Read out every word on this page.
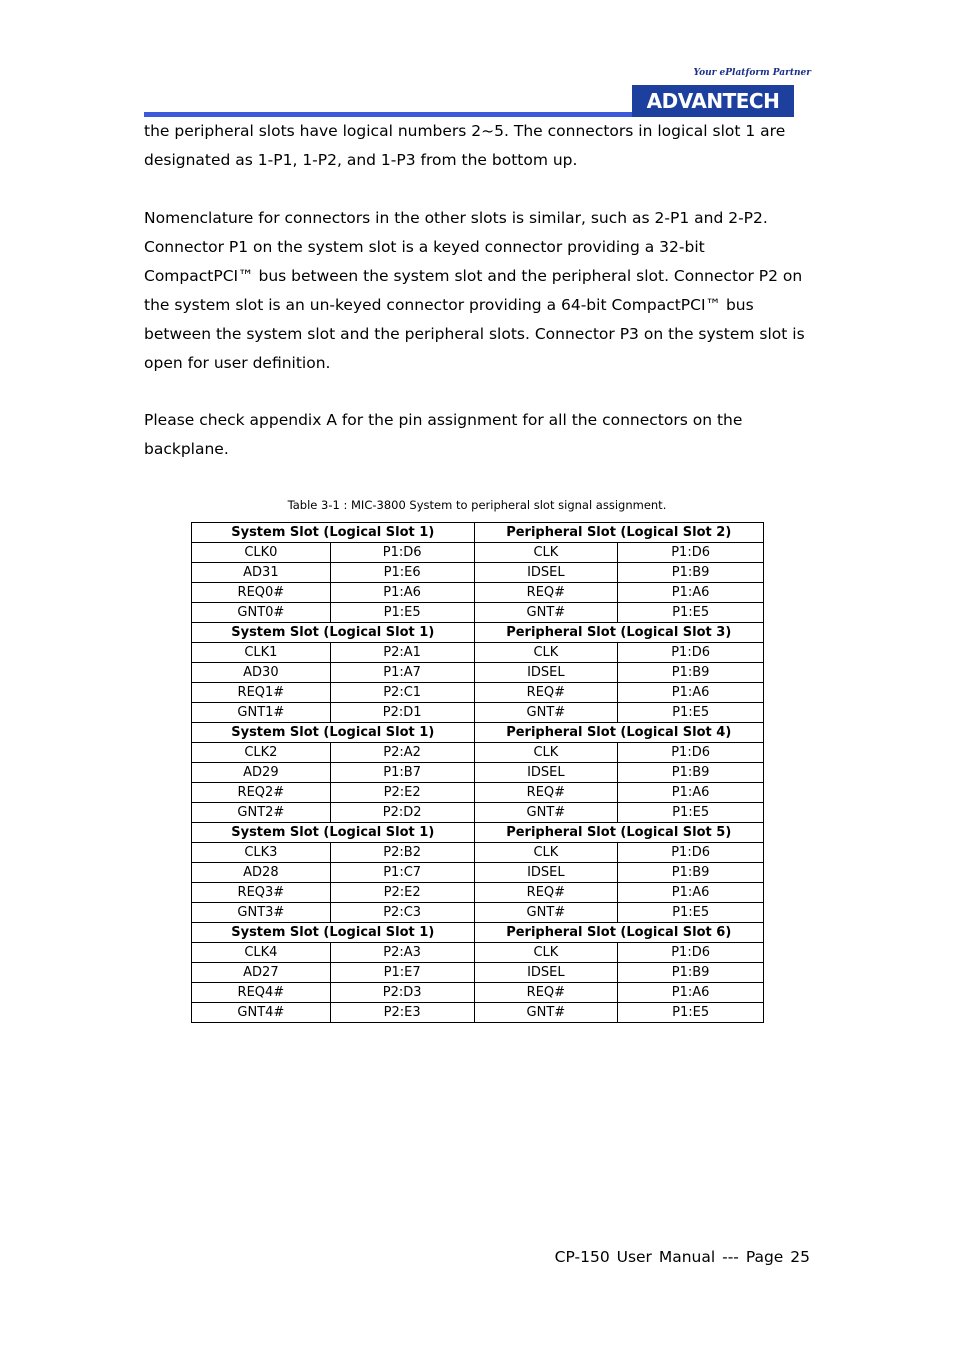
Your ePlatform Partner
ADVANTECH

the peripheral slots have logical numbers 2~5. The connectors in logical slot 1 are designated as 1-P1, 1-P2, and 1-P3 from the bottom up.

Nomenclature for connectors in the other slots is similar, such as 2-P1 and 2-P2. Connector P1 on the system slot is a keyed connector providing a 32-bit CompactPCI™ bus between the system slot and the peripheral slot. Connector P2 on the system slot is an un-keyed connector providing a 64-bit CompactPCI™ bus between the system slot and the peripheral slots. Connector P3 on the system slot is open for user definition.

Please check appendix A for the pin assignment for all the connectors on the backplane.

Table 3-1 : MIC-3800 System to peripheral slot signal assignment.
System Slot (Logical Slot 1)		Peripheral Slot (Logical Slot 2)	
CLK0	P1:D6	CLK	P1:D6
AD31	P1:E6	IDSEL	P1:B9
REQ0#	P1:A6	REQ#	P1:A6
GNT0#	P1:E5	GNT#	P1:E5
System Slot (Logical Slot 1)		Peripheral Slot (Logical Slot 3)	
CLK1	P2:A1	CLK	P1:D6
AD30	P1:A7	IDSEL	P1:B9
REQ1#	P2:C1	REQ#	P1:A6
GNT1#	P2:D1	GNT#	P1:E5
System Slot (Logical Slot 1)		Peripheral Slot (Logical Slot 4)	
CLK2	P2:A2	CLK	P1:D6
AD29	P1:B7	IDSEL	P1:B9
REQ2#	P2:E2	REQ#	P1:A6
GNT2#	P2:D2	GNT#	P1:E5
System Slot (Logical Slot 1)		Peripheral Slot (Logical Slot 5)	
CLK3	P2:B2	CLK	P1:D6
AD28	P1:C7	IDSEL	P1:B9
REQ3#	P2:E2	REQ#	P1:A6
GNT3#	P2:C3	GNT#	P1:E5
System Slot (Logical Slot 1)		Peripheral Slot (Logical Slot 6)	
CLK4	P2:A3	CLK	P1:D6
AD27	P1:E7	IDSEL	P1:B9
REQ4#	P2:D3	REQ#	P1:A6
GNT4#	P2:E3	GNT#	P1:E5
CP-150 User Manual --- Page 25
